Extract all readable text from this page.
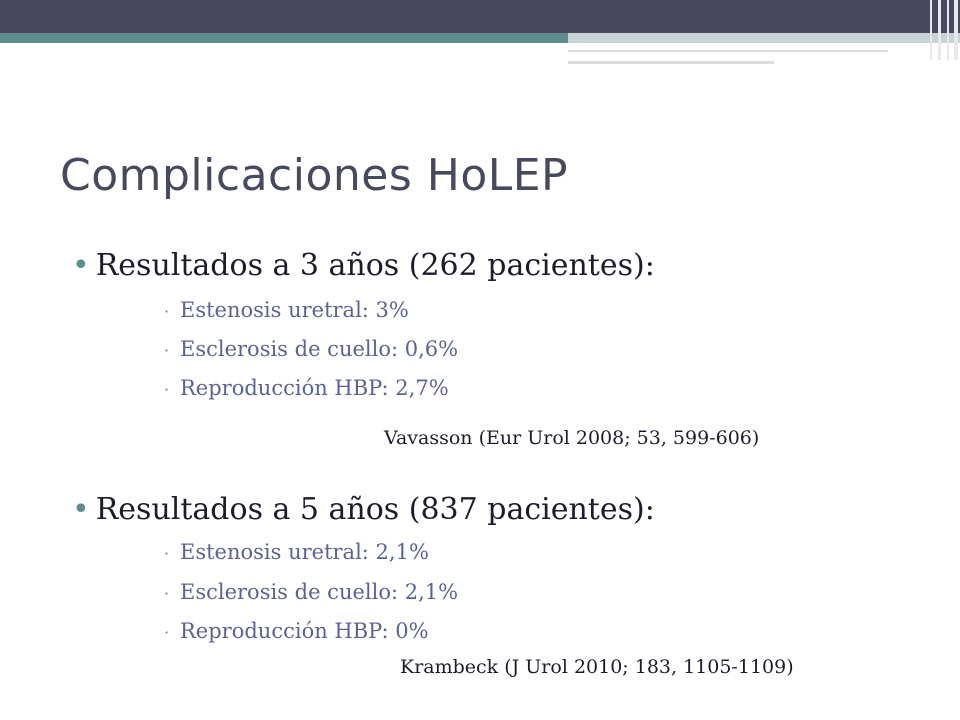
Complicaciones HoLEP
• Resultados a 3 años (262 pacientes):
· Estenosis uretral: 3%
· Esclerosis de cuello: 0,6%
· Reproducción HBP: 2,7%
Vavasson (Eur Urol 2008; 53, 599-606)
• Resultados a 5 años (837 pacientes):
· Estenosis uretral: 2,1%
· Esclerosis de cuello: 2,1%
· Reproducción HBP: 0%
Krambeck (J Urol 2010; 183, 1105-1109)
